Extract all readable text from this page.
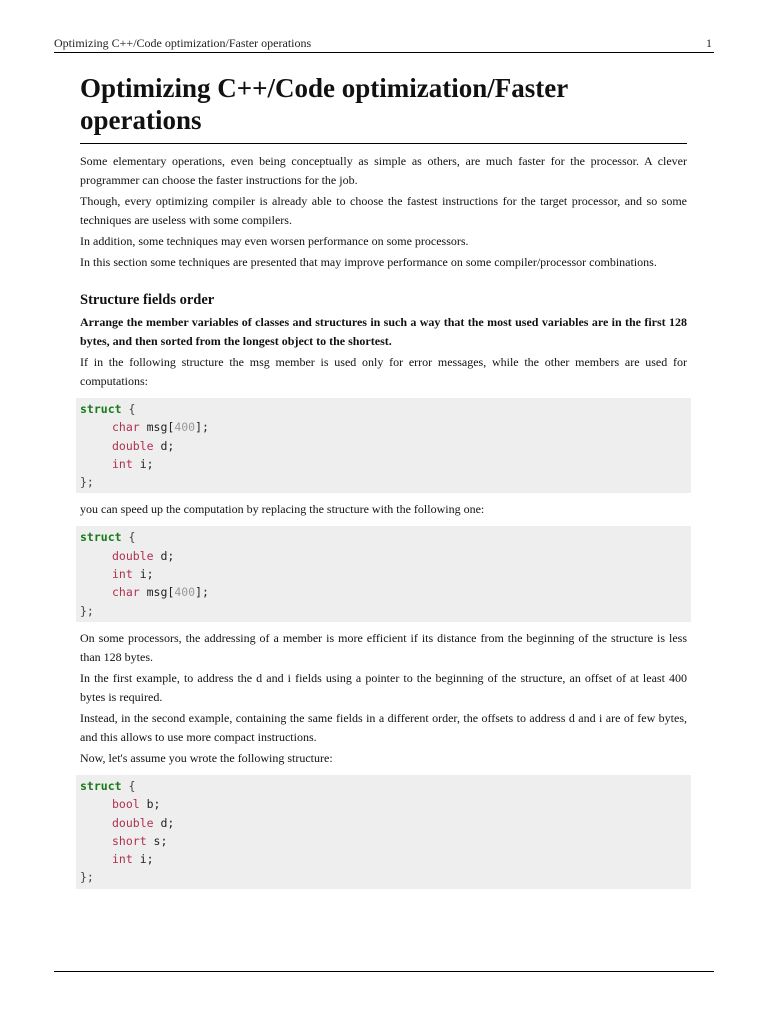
Optimizing C++/Code optimization/Faster operations	1
Optimizing C++/Code optimization/Faster operations

Some elementary operations, even being conceptually as simple as others, are much faster for the processor. A clever programmer can choose the faster instructions for the job.

Though, every optimizing compiler is already able to choose the fastest instructions for the target processor, and so some techniques are useless with some compilers.

In addition, some techniques may even worsen performance on some processors.

In this section some techniques are presented that may improve performance on some compiler/processor combinations.

Structure fields order

Arrange the member variables of classes and structures in such a way that the most used variables are in the first 128 bytes, and then sorted from the longest object to the shortest.

If in the following structure the msg member is used only for error messages, while the other members are used for computations:

struct {
char msg[400];
double d;
int i;
};

you can speed up the computation by replacing the structure with the following one:

struct {
double d;
int i;
char msg[400];
};

On some processors, the addressing of a member is more efficient if its distance from the beginning of the structure is less than 128 bytes.

In the first example, to address the d and i fields using a pointer to the beginning of the structure, an offset of at least 400 bytes is required.

Instead, in the second example, containing the same fields in a different order, the offsets to address d and i are of few bytes, and this allows to use more compact instructions.

Now, let's assume you wrote the following structure:

struct {
bool b;
double d;
short s;
int i;
};
